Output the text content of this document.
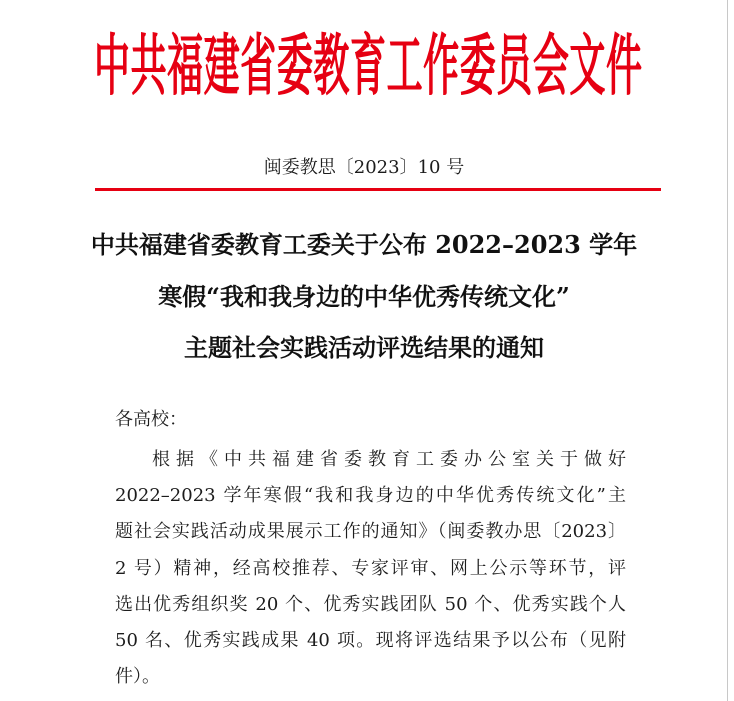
中共福建省委教育工作委员会文件
闽委教思〔2023〕10 号
中共福建省委教育工委关于公布 2022–2023 学年
寒假“我和我身边的中华优秀传统文化”
主题社会实践活动评选结果的通知
各高校：
根据《中共福建省委教育工委办公室关于做好
2022–2023 学年寒假“我和我身边的中华优秀传统文化”主
题社会实践活动成果展示工作的通知》（闽委教办思〔2023〕
2 号）精神，经高校推荐、专家评审、网上公示等环节，评
选出优秀组织奖 20 个、优秀实践团队 50 个、优秀实践个人
50 名、优秀实践成果 40 项。现将评选结果予以公布（见附
件）。
